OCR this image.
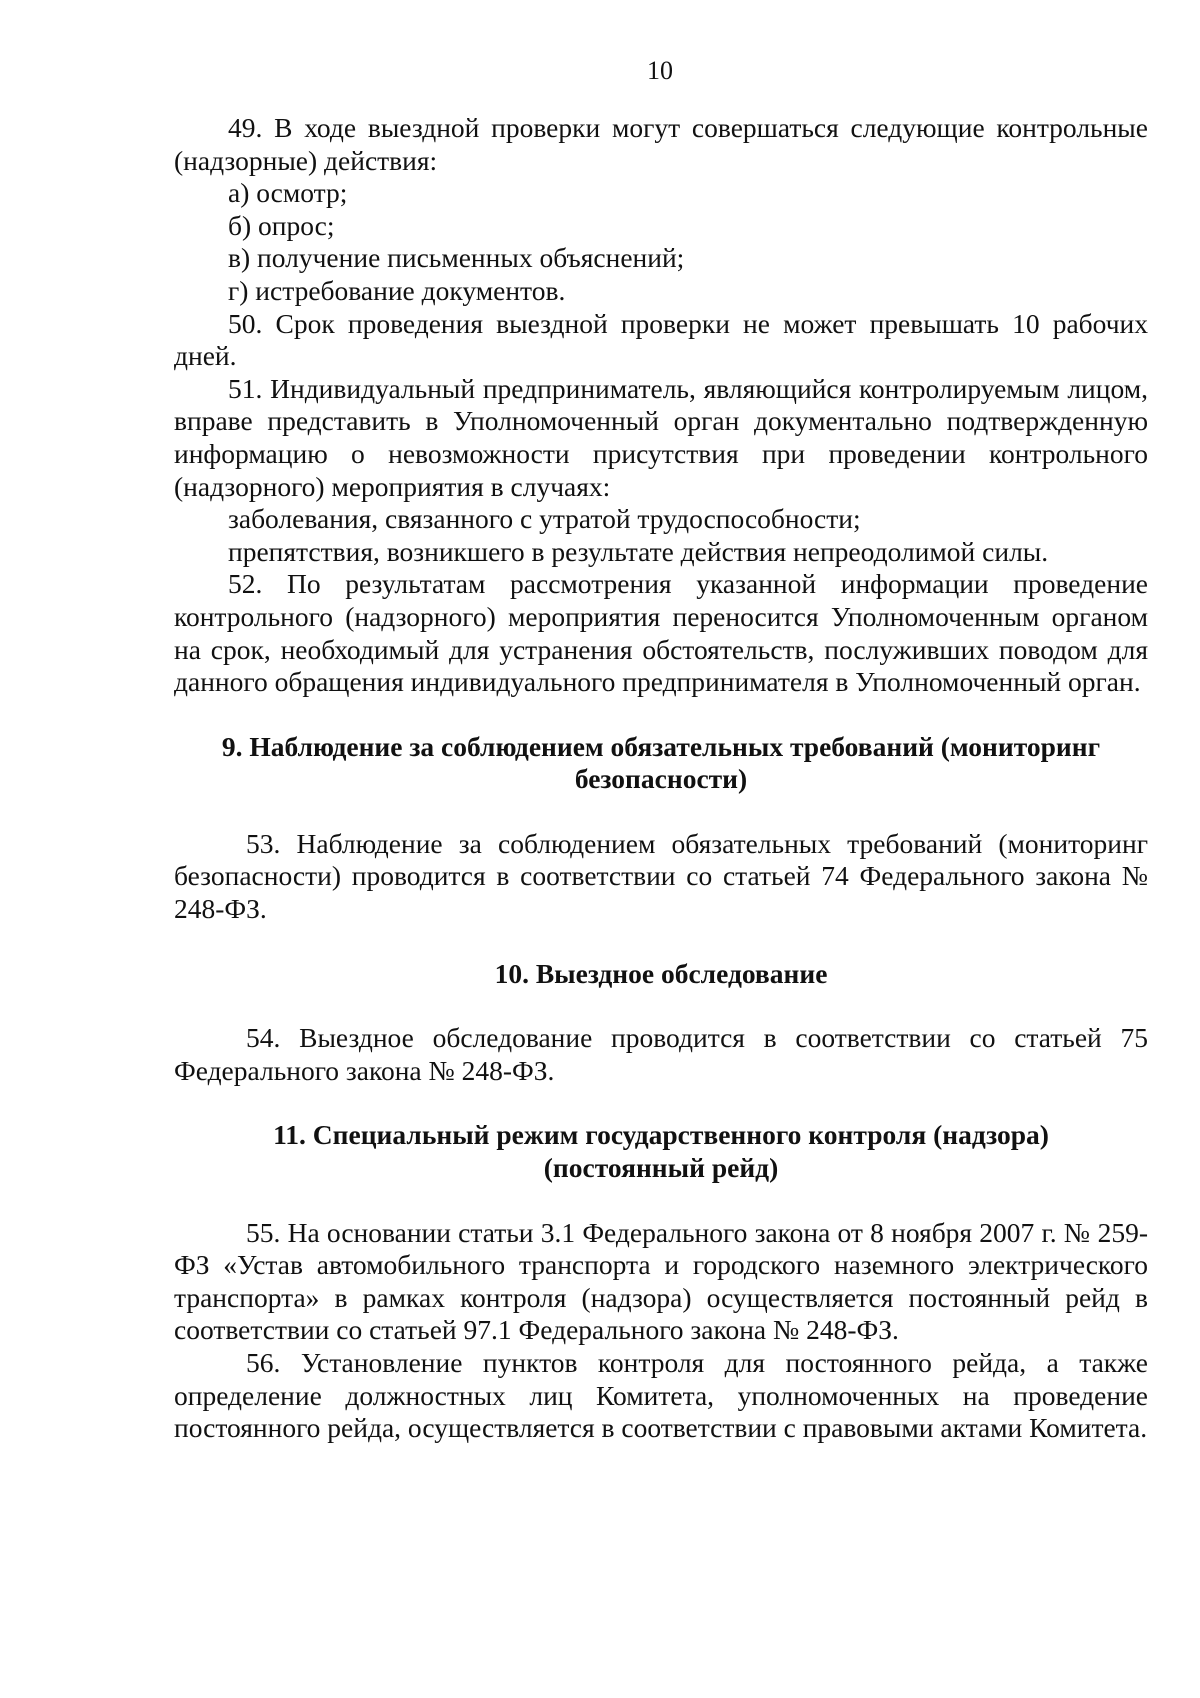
10

49. В ходе выездной проверки могут совершаться следующие контрольные (надзорные) действия:

а) осмотр;

б) опрос;

в) получение письменных объяснений;

г) истребование документов.

50. Срок проведения выездной проверки не может превышать 10 рабочих дней.

51. Индивидуальный предприниматель, являющийся контролируемым лицом, вправе представить в Уполномоченный орган документально подтвержденную информацию о невозможности присутствия при проведении контрольного (надзорного) мероприятия в случаях:

заболевания, связанного с утратой трудоспособности;

препятствия, возникшего в результате действия непреодолимой силы.

52. По результатам рассмотрения указанной информации проведение контрольного (надзорного) мероприятия переносится Уполномоченным органом на срок, необходимый для устранения обстоятельств, послуживших поводом для данного обращения индивидуального предпринимателя в Уполномоченный орган.

9. Наблюдение за соблюдением обязательных требований (мониторинг
безопасности)

53. Наблюдение за соблюдением обязательных требований (мониторинг безопасности) проводится в соответствии со статьей 74 Федерального закона № 248-ФЗ.

10. Выездное обследование

54. Выездное обследование проводится в соответствии со статьей 75 Федерального закона № 248-ФЗ.

11. Специальный режим государственного контроля (надзора)
(постоянный рейд)

55. На основании статьи 3.1 Федерального закона от 8 ноября 2007 г. № 259-ФЗ «Устав автомобильного транспорта и городского наземного электрического транспорта» в рамках контроля (надзора) осуществляется постоянный рейд в соответствии со статьей 97.1 Федерального закона № 248-ФЗ.

56. Установление пунктов контроля для постоянного рейда, а также определение должностных лиц Комитета, уполномоченных на проведение постоянного рейда, осуществляется в соответствии с правовыми актами Комитета.
